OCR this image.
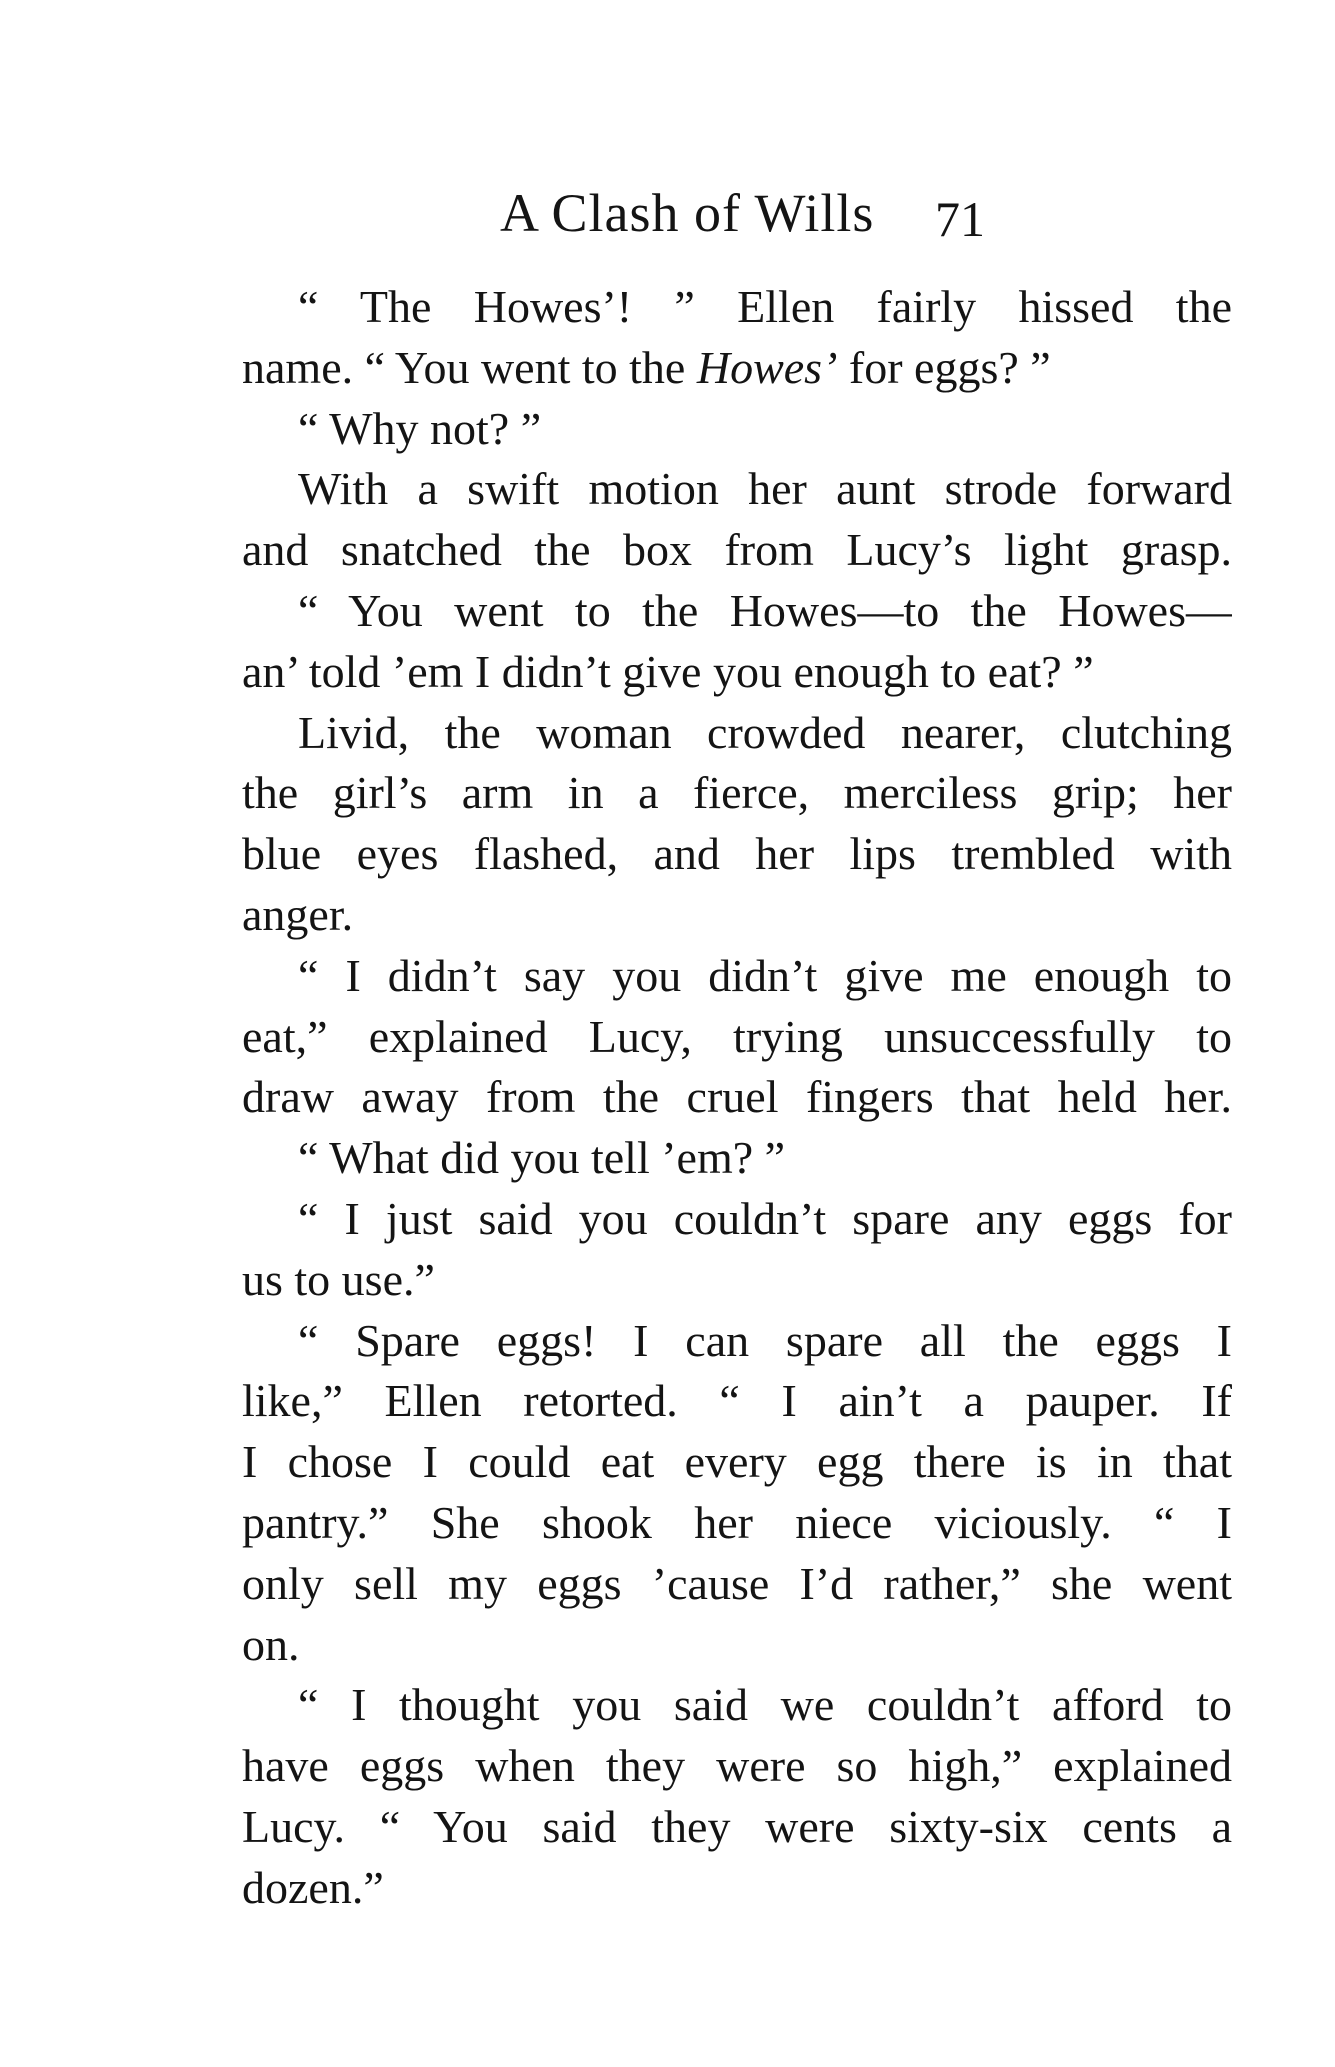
A Clash of Wills 71
“ The Howes’! ” Ellen fairly hissed the
name. “ You went to the Howes’ for eggs? ”
“ Why not? ”
With a swift motion her aunt strode forward
and snatched the box from Lucy’s light grasp.
“ You went to the Howes—to the Howes—
an’ told ’em I didn’t give you enough to eat? ”
Livid, the woman crowded nearer, clutching
the girl’s arm in a fierce, merciless grip; her
blue eyes flashed, and her lips trembled with
anger.
“ I didn’t say you didn’t give me enough to
eat,” explained Lucy, trying unsuccessfully to
draw away from the cruel fingers that held her.
“ What did you tell ’em? ”
“ I just said you couldn’t spare any eggs for
us to use.”
“ Spare eggs! I can spare all the eggs I
like,” Ellen retorted. “ I ain’t a pauper. If
I chose I could eat every egg there is in that
pantry.” She shook her niece viciously. “ I
only sell my eggs ’cause I’d rather,” she went
on.
“ I thought you said we couldn’t afford to
have eggs when they were so high,” explained
Lucy. “ You said they were sixty-six cents a
dozen.”
